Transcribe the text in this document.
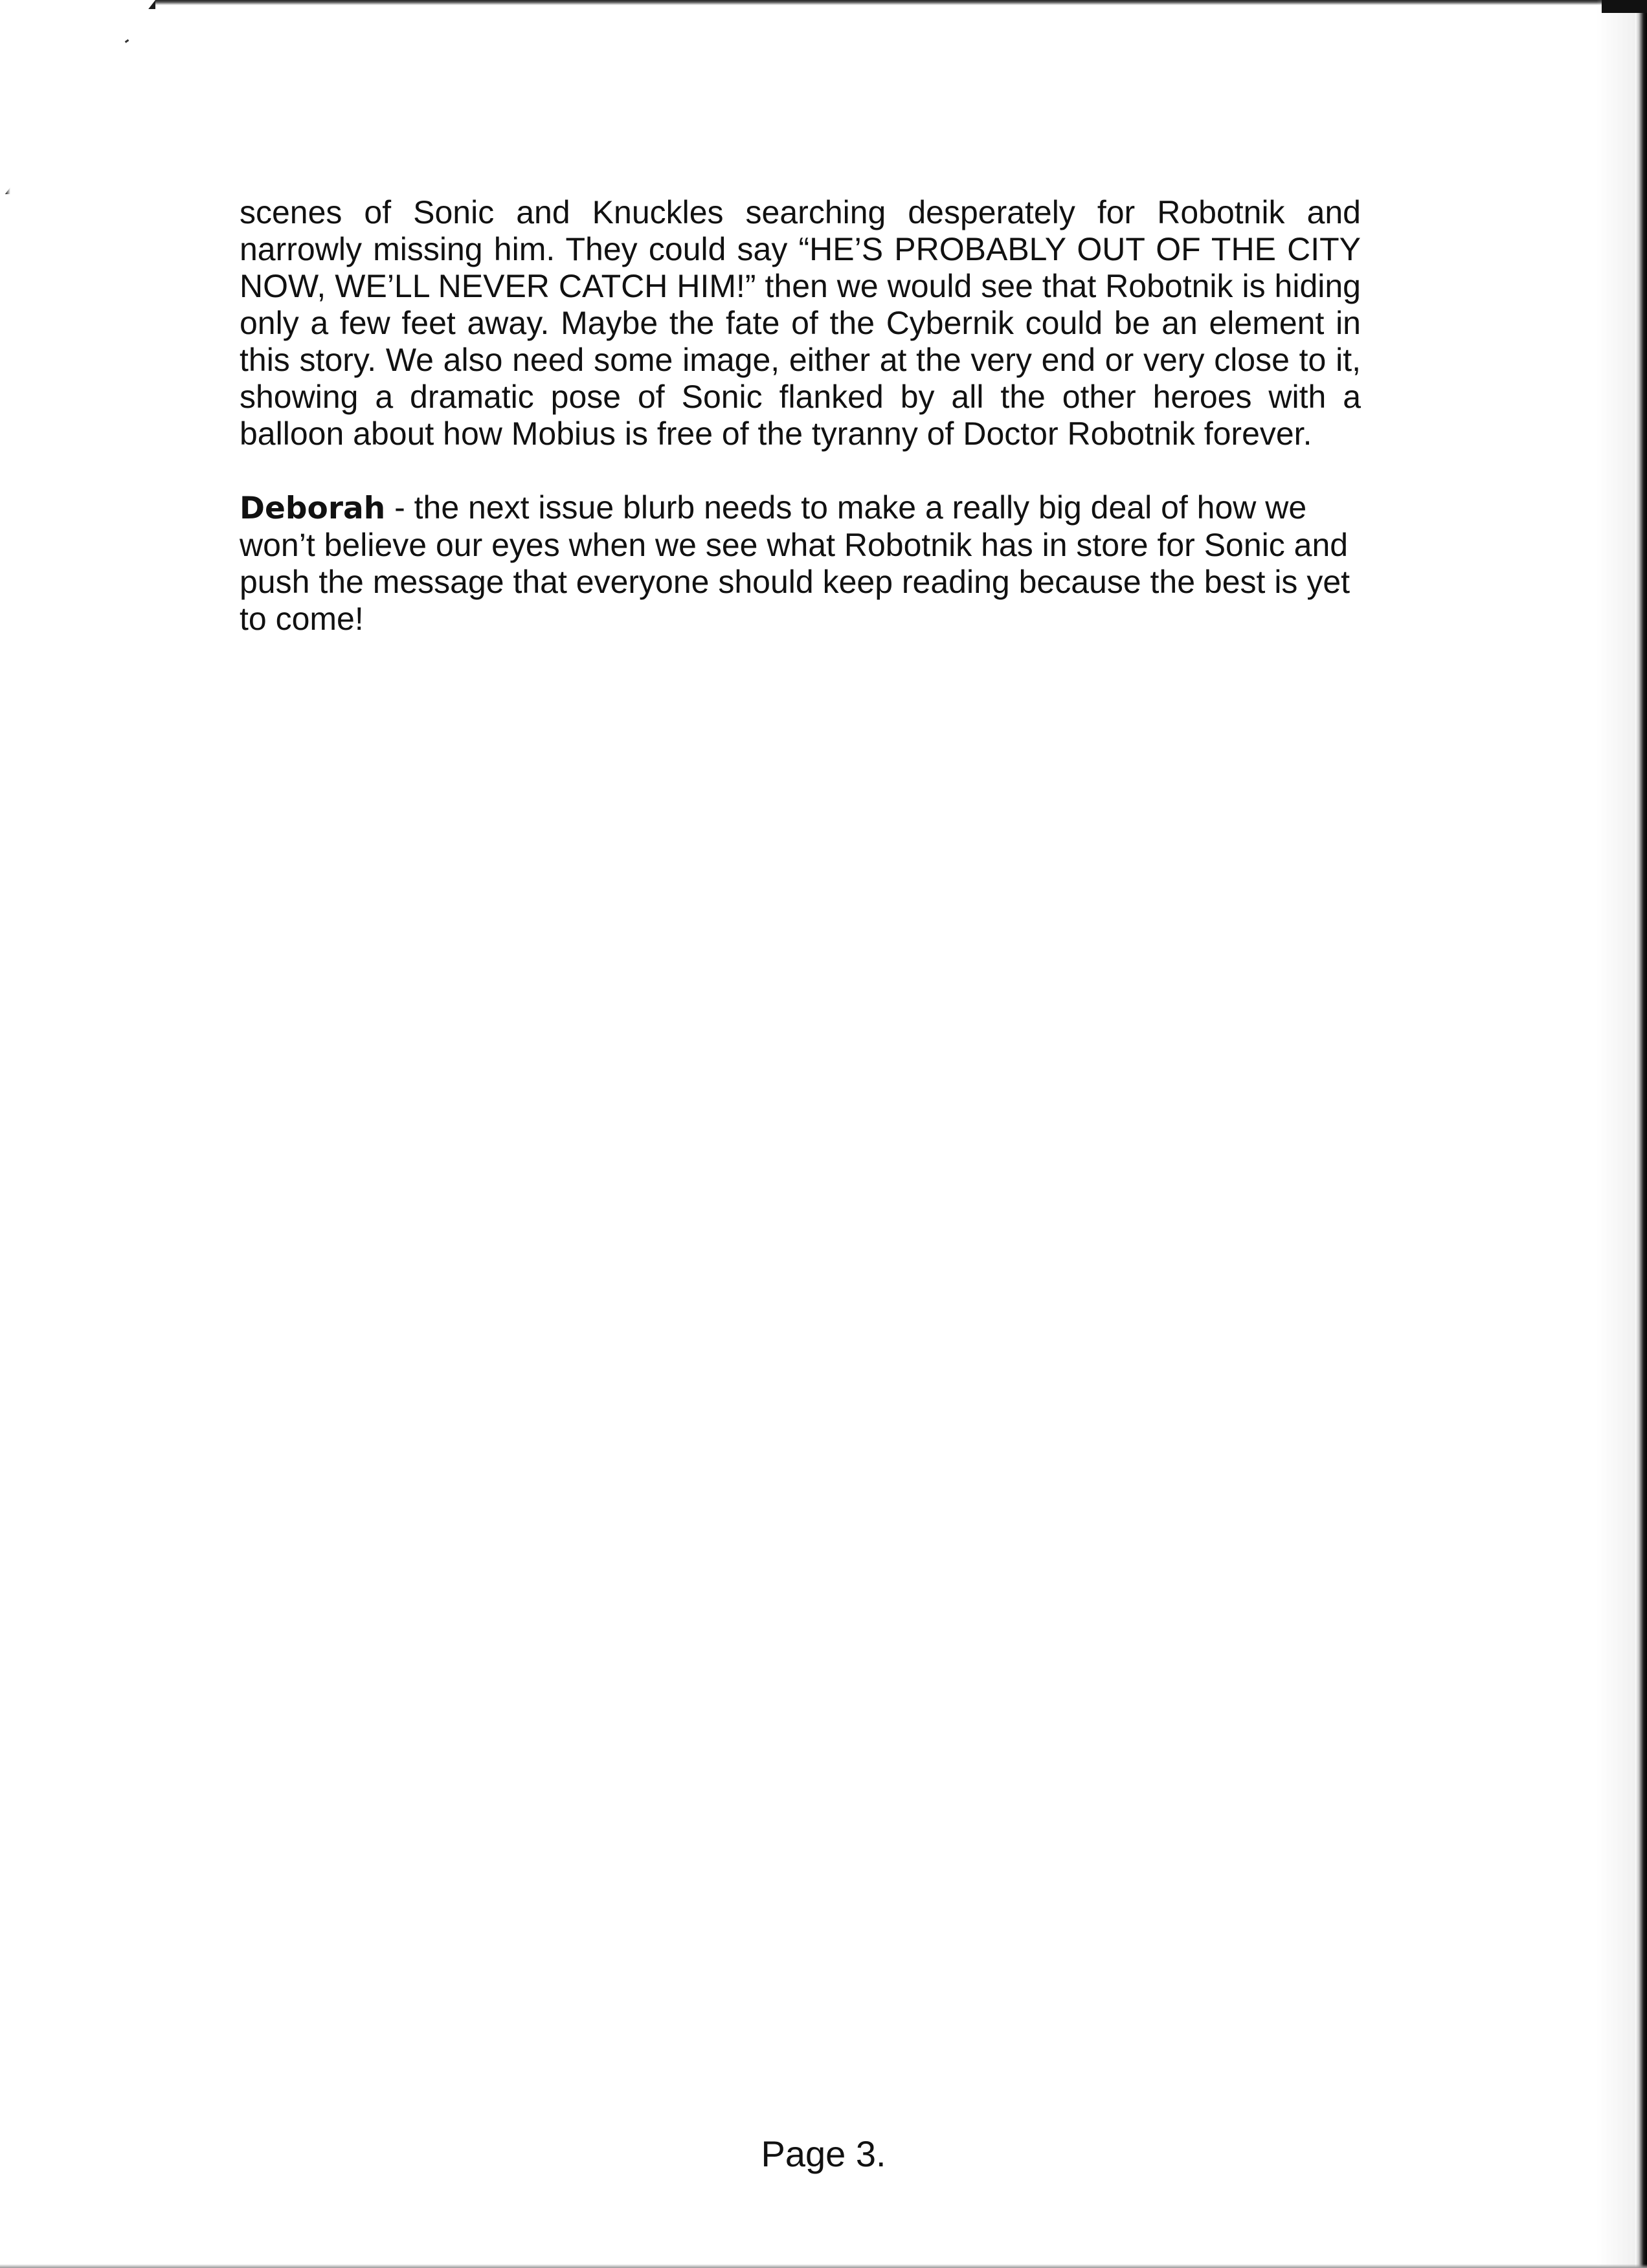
scenes of Sonic and Knuckles searching desperately for Robotnik and narrowly missing him. They could say “HE’S PROBABLY OUT OF THE CITY NOW, WE’LL NEVER CATCH HIM!” then we would see that Robotnik is hiding only a few feet away. Maybe the fate of the Cybernik could be an element in this story. We also need some image, either at the very end or very close to it, showing a dramatic pose of Sonic flanked by all the other heroes with a balloon about how Mobius is free of the tyranny of Doctor Robotnik forever.

Deborah - the next issue blurb needs to make a really big deal of how we won’t believe our eyes when we see what Robotnik has in store for Sonic and push the message that everyone should keep reading because the best is yet to come!

Page 3.
